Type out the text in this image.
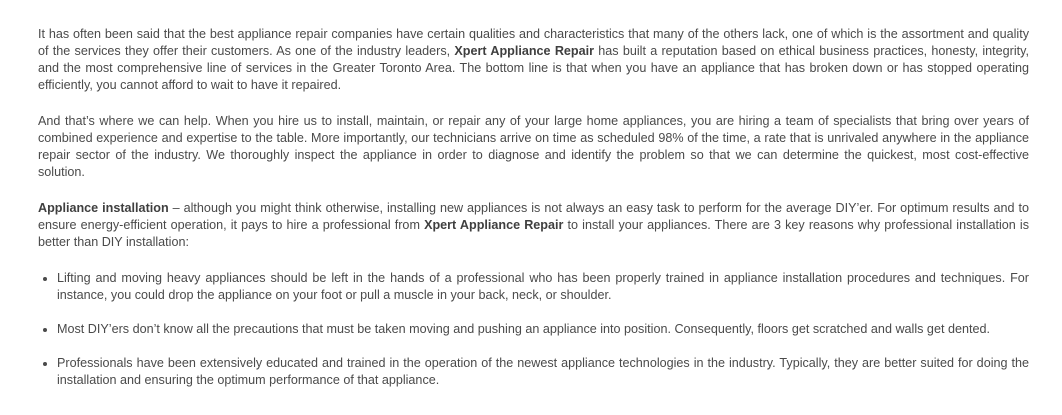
It has often been said that the best appliance repair companies have certain qualities and characteristics that many of the others lack, one of which is the assortment and quality of the services they offer their customers. As one of the industry leaders, Xpert Appliance Repair has built a reputation based on ethical business practices, honesty, integrity, and the most comprehensive line of services in the Greater Toronto Area. The bottom line is that when you have an appliance that has broken down or has stopped operating efficiently, you cannot afford to wait to have it repaired.

And that’s where we can help. When you hire us to install, maintain, or repair any of your large home appliances, you are hiring a team of specialists that bring over years of combined experience and expertise to the table. More importantly, our technicians arrive on time as scheduled 98% of the time, a rate that is unrivaled anywhere in the appliance repair sector of the industry. We thoroughly inspect the appliance in order to diagnose and identify the problem so that we can determine the quickest, most cost-effective solution.

Appliance installation – although you might think otherwise, installing new appliances is not always an easy task to perform for the average DIY’er. For optimum results and to ensure energy-efficient operation, it pays to hire a professional from Xpert Appliance Repair to install your appliances. There are 3 key reasons why professional installation is better than DIY installation:

• Lifting and moving heavy appliances should be left in the hands of a professional who has been properly trained in appliance installation procedures and techniques. For instance, you could drop the appliance on your foot or pull a muscle in your back, neck, or shoulder.
• Most DIY’ers don’t know all the precautions that must be taken moving and pushing an appliance into position. Consequently, floors get scratched and walls get dented.
• Professionals have been extensively educated and trained in the operation of the newest appliance technologies in the industry. Typically, they are better suited for doing the installation and ensuring the optimum performance of that appliance.
